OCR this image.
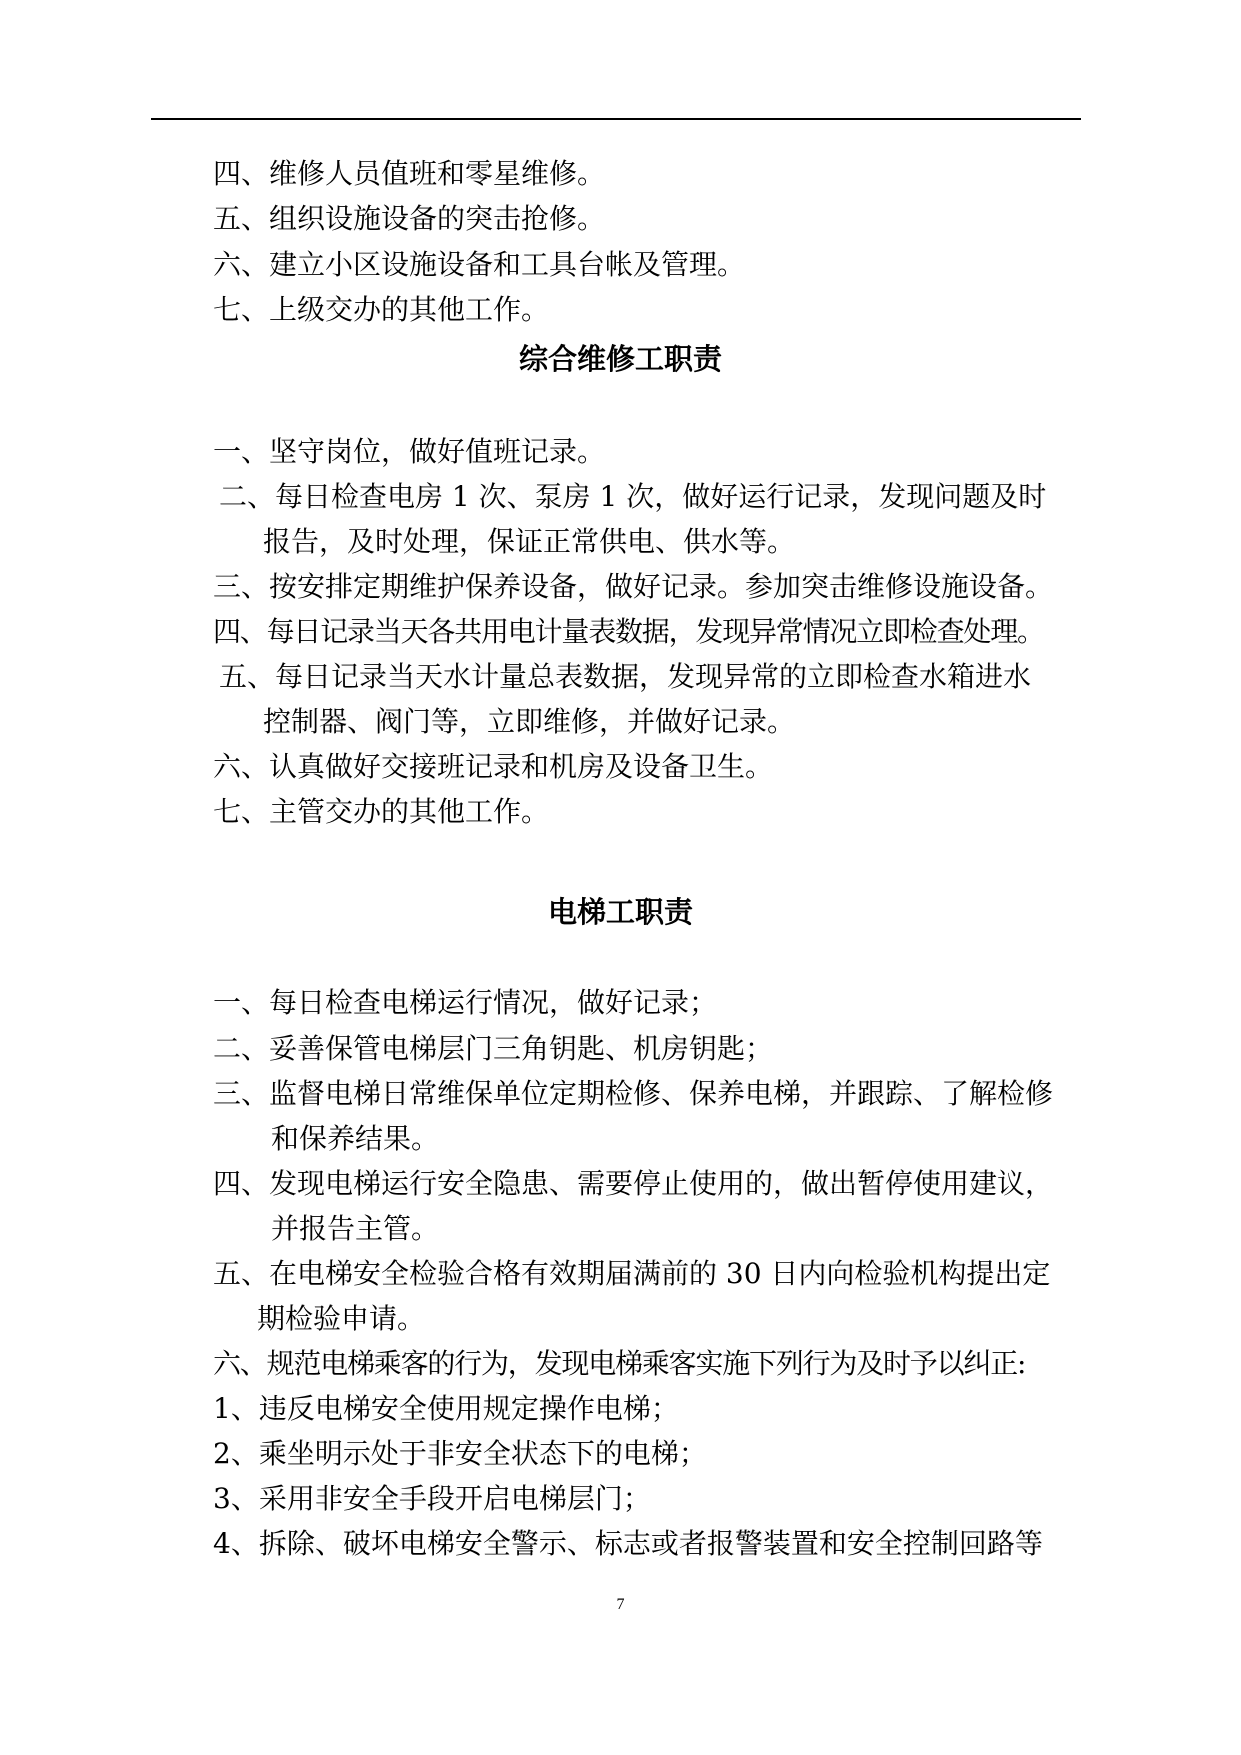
四、维修人员值班和零星维修。
五、组织设施设备的突击抢修。
六、建立小区设施设备和工具台帐及管理。
七、上级交办的其他工作。
综合维修工职责
一、坚守岗位，做好值班记录。
二、每日检查电房 1 次、泵房 1 次，做好运行记录，发现问题及时
报告，及时处理，保证正常供电、供水等。
三、按安排定期维护保养设备，做好记录。参加突击维修设施设备。
四、每日记录当天各共用电计量表数据，发现异常情况立即检查处理。
五、每日记录当天水计量总表数据，发现异常的立即检查水箱进水
控制器、阀门等，立即维修，并做好记录。
六、认真做好交接班记录和机房及设备卫生。
七、主管交办的其他工作。
电梯工职责
一、每日检查电梯运行情况，做好记录；
二、妥善保管电梯层门三角钥匙、机房钥匙；
三、监督电梯日常维保单位定期检修、保养电梯，并跟踪、了解检修
和保养结果。
四、发现电梯运行安全隐患、需要停止使用的，做出暂停使用建议，
并报告主管。
五、在电梯安全检验合格有效期届满前的 30 日内向检验机构提出定
期检验申请。
六、规范电梯乘客的行为，发现电梯乘客实施下列行为及时予以纠正:
1、违反电梯安全使用规定操作电梯；
2、乘坐明示处于非安全状态下的电梯；
3、采用非安全手段开启电梯层门；
4、拆除、破坏电梯安全警示、标志或者报警装置和安全控制回路等
7
